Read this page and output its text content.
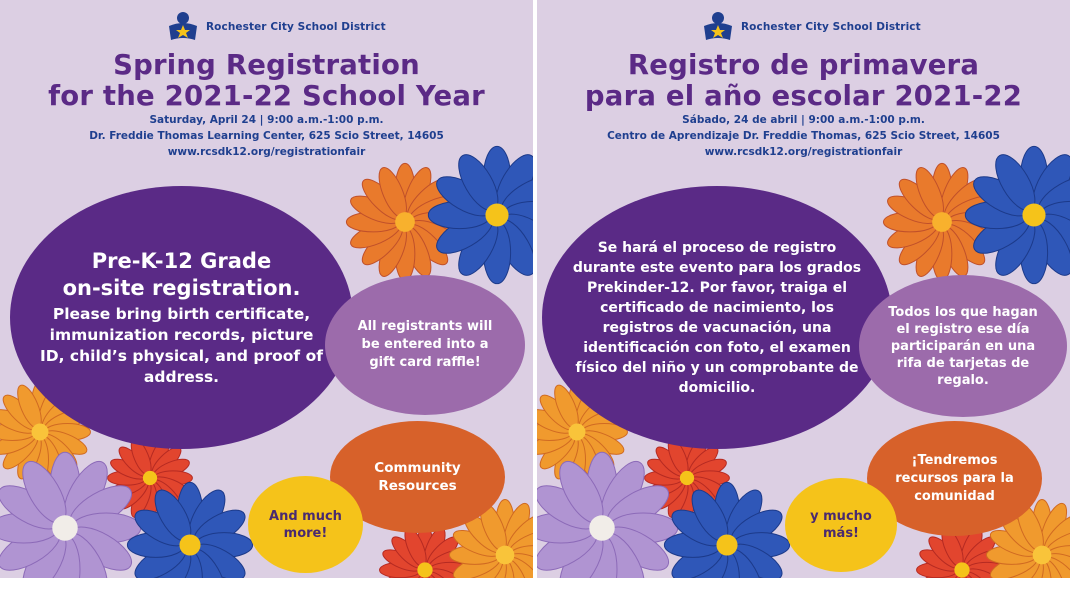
Rochester City School District
Spring Registration
for the 2021-22 School Year
Saturday, April 24 | 9:00 a.m.-1:00 p.m.
Dr. Freddie Thomas Learning Center, 625 Scio Street, 14605
www.rcsdk12.org/registrationfair
Pre-K-12 Grade
on-site registration.
Please bring birth certificate, immunization records, picture ID, child’s physical, and proof of address.
All registrants will be entered into a gift card raffle!
Community Resources
And much more!
Rochester City School District
Registro de primavera
para el año escolar 2021-22
Sábado, 24 de abril | 9:00 a.m.-1:00 p.m.
Centro de Aprendizaje Dr. Freddie Thomas, 625 Scio Street, 14605
www.rcsdk12.org/registrationfair
Se hará el proceso de registro durante este evento para los grados Prekinder-12. Por favor, traiga el certificado de nacimiento, los registros de vacunación, una identificación con foto, el examen físico del niño y un comprobante de domicilio.
Todos los que hagan el registro ese día participarán en una rifa de tarjetas de regalo.
¡Tendremos recursos para la comunidad
y mucho más!
